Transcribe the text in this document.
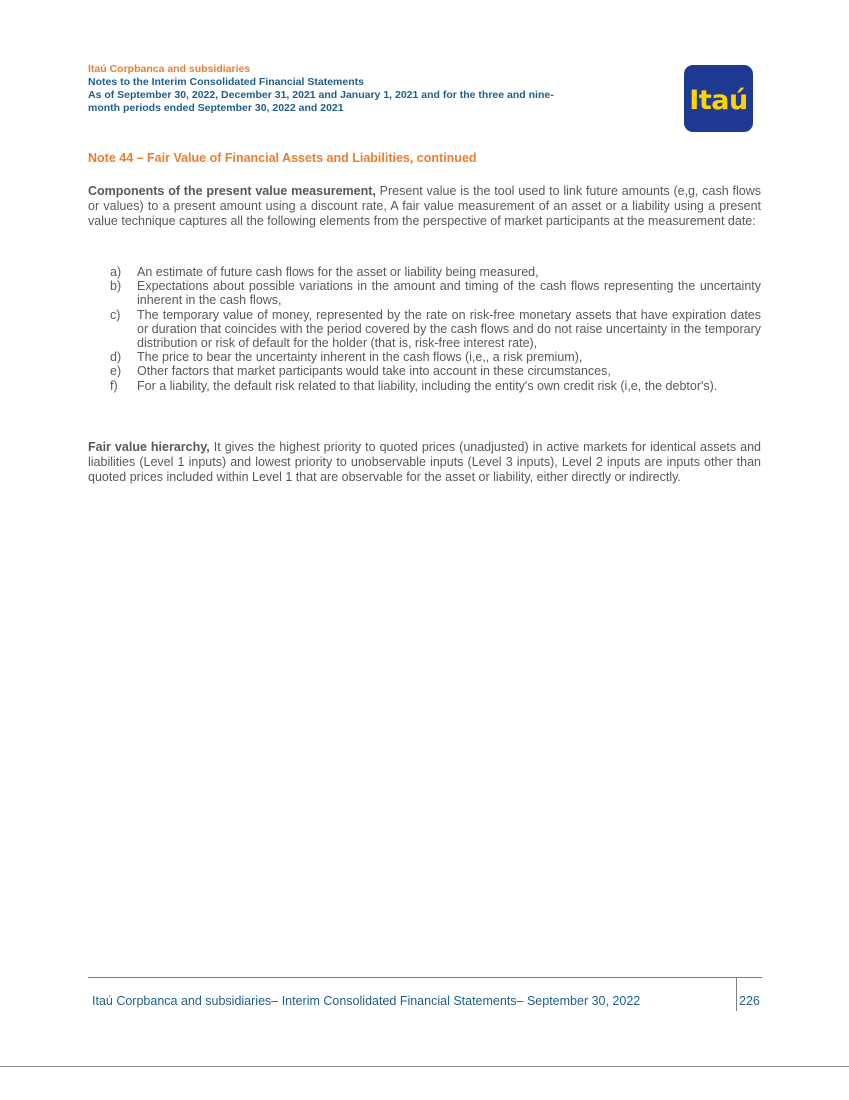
Itaú Corpbanca and subsidiaries
Notes to the Interim Consolidated Financial Statements
As of September 30, 2022, December 31, 2021 and January 1, 2021 and for the three and nine-
month periods ended September 30, 2022 and 2021	Itaú
Note 44 – Fair Value of Financial Assets and Liabilities, continued
Components of the present value measurement, Present value is the tool used to link future amounts (e,g, cash flows or values) to a present amount using a discount rate, A fair value measurement of an asset or a liability using a present value technique captures all the following elements from the perspective of market participants at the measurement date:
a) An estimate of future cash flows for the asset or liability being measured,
b) Expectations about possible variations in the amount and timing of the cash flows representing the uncertainty inherent in the cash flows,
c) The temporary value of money, represented by the rate on risk-free monetary assets that have expiration dates or duration that coincides with the period covered by the cash flows and do not raise uncertainty in the temporary distribution or risk of default for the holder (that is, risk-free interest rate),
d) The price to bear the uncertainty inherent in the cash flows (i,e,, a risk premium),
e) Other factors that market participants would take into account in these circumstances,
f) For a liability, the default risk related to that liability, including the entity's own credit risk (i,e, the debtor's).
Fair value hierarchy, It gives the highest priority to quoted prices (unadjusted) in active markets for identical assets and liabilities (Level 1 inputs) and lowest priority to unobservable inputs (Level 3 inputs), Level 2 inputs are inputs other than quoted prices included within Level 1 that are observable for the asset or liability, either directly or indirectly.
Itaú Corpbanca and subsidiaries– Interim Consolidated Financial Statements– September 30, 2022	226
